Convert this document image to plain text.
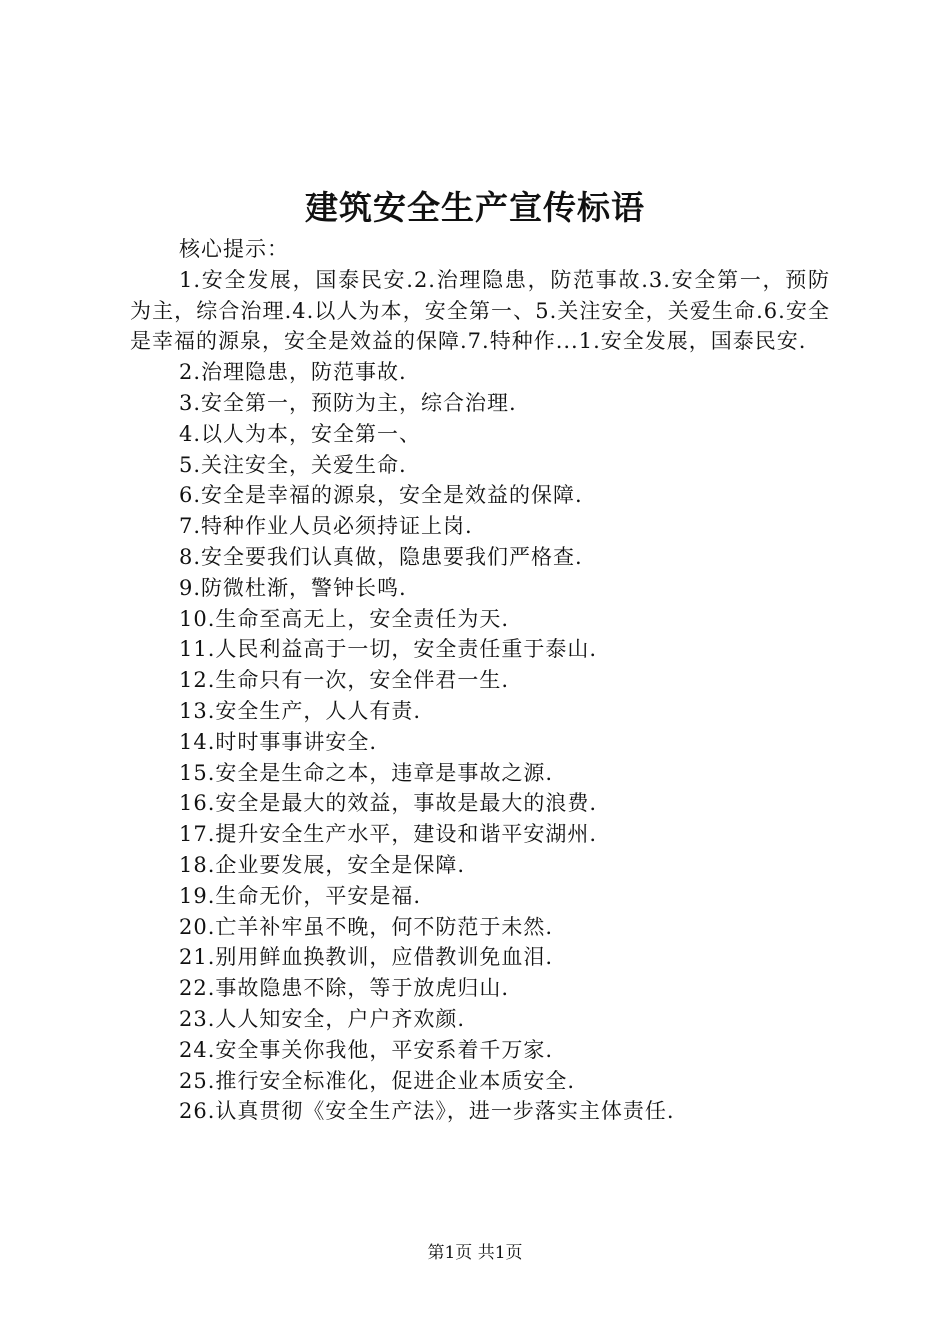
建筑安全生产宣传标语

核心提示：

1.安全发展，国泰民安.2.治理隐患，防范事故.3.安全第一，预防为主，综合治理.4.以人为本，安全第一、5.关注安全，关爱生命.6.安全是幸福的源泉，安全是效益的保障.7.特种作...1.安全发展，国泰民安.

2.治理隐患，防范事故.
3.安全第一，预防为主，综合治理.
4.以人为本，安全第一、
5.关注安全，关爱生命.
6.安全是幸福的源泉，安全是效益的保障.
7.特种作业人员必须持证上岗.
8.安全要我们认真做，隐患要我们严格查.
9.防微杜渐，警钟长鸣.
10.生命至高无上，安全责任为天.
11.人民利益高于一切，安全责任重于泰山.
12.生命只有一次，安全伴君一生.
13.安全生产，人人有责.
14.时时事事讲安全.
15.安全是生命之本，违章是事故之源.
16.安全是最大的效益，事故是最大的浪费.
17.提升安全生产水平，建设和谐平安湖州.
18.企业要发展，安全是保障.
19.生命无价，平安是福.
20.亡羊补牢虽不晚，何不防范于未然.
21.别用鲜血换教训，应借教训免血泪.
22.事故隐患不除，等于放虎归山.
23.人人知安全，户户齐欢颜.
24.安全事关你我他，平安系着千万家.
25.推行安全标准化，促进企业本质安全.
26.认真贯彻《安全生产法》，进一步落实主体责任.
第1页 共1页
